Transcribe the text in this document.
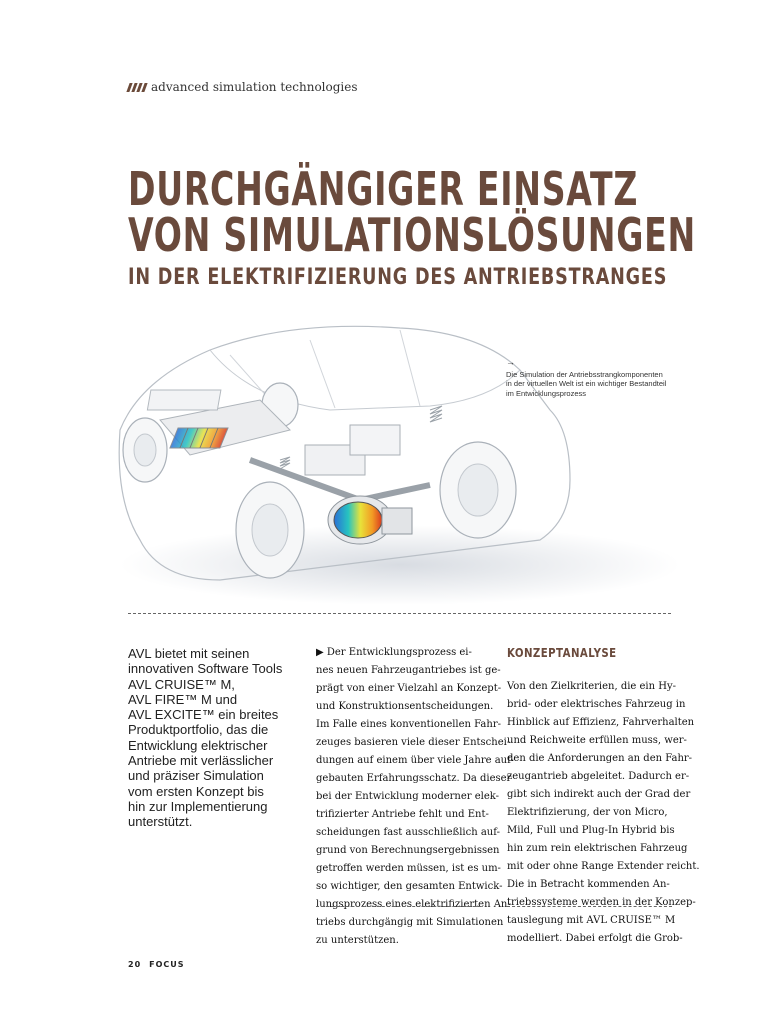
advanced simulation technologies
DURCHGÄNGIGER EINSATZ
VON SIMULATIONSLÖSUNGEN
IN DER ELEKTRIFIZIERUNG DES ANTRIEBSTRANGES
→
Die Simulation der Antriebsstrangkomponenten
in der virtuellen Welt ist ein wichtiger Bestandteil
im Entwicklungsprozess
AVL bietet mit seinen
innovativen Software Tools
AVL CRUISE™ M,
AVL FIRE™ M und
AVL EXCITE™ ein breites
Produktportfolio, das die
Entwicklung elektrischer
Antriebe mit verlässlicher
und präziser Simulation
vom ersten Konzept bis
hin zur Implementierung
unterstützt.
▶ Der Entwicklungsprozess ei-
nes neuen Fahrzeugantriebes ist ge-
prägt von einer Vielzahl an Konzept-
und Konstruktionsentscheidungen.
Im Falle eines konventionellen Fahr-
zeuges basieren viele dieser Entschei-
dungen auf einem über viele Jahre auf-
gebauten Erfahrungsschatz. Da dieser
bei der Entwicklung moderner elek-
trifizierter Antriebe fehlt und Ent-
scheidungen fast ausschließlich auf-
grund von Berechnungsergebnissen
getroffen werden müssen, ist es um-
so wichtiger, den gesamten Entwick-
lungsprozess eines elektrifizierten An-
triebs durchgängig mit Simulationen
zu unterstützen.
KONZEPTANALYSE
Von den Zielkriterien, die ein Hy-
brid- oder elektrisches Fahrzeug in
Hinblick auf Effizienz, Fahrverhalten
und Reichweite erfüllen muss, wer-
den die Anforderungen an den Fahr-
zeugantrieb abgeleitet. Dadurch er-
gibt sich indirekt auch der Grad der
Elektrifizierung, der von Micro,
Mild, Full und Plug-In Hybrid bis
hin zum rein elektrischen Fahrzeug
mit oder ohne Range Extender reicht.
Die in Betracht kommenden An-
triebssysteme werden in der Konzep-
tauslegung mit AVL CRUISE™ M
modelliert. Dabei erfolgt die Grob-
20 FOCUS
